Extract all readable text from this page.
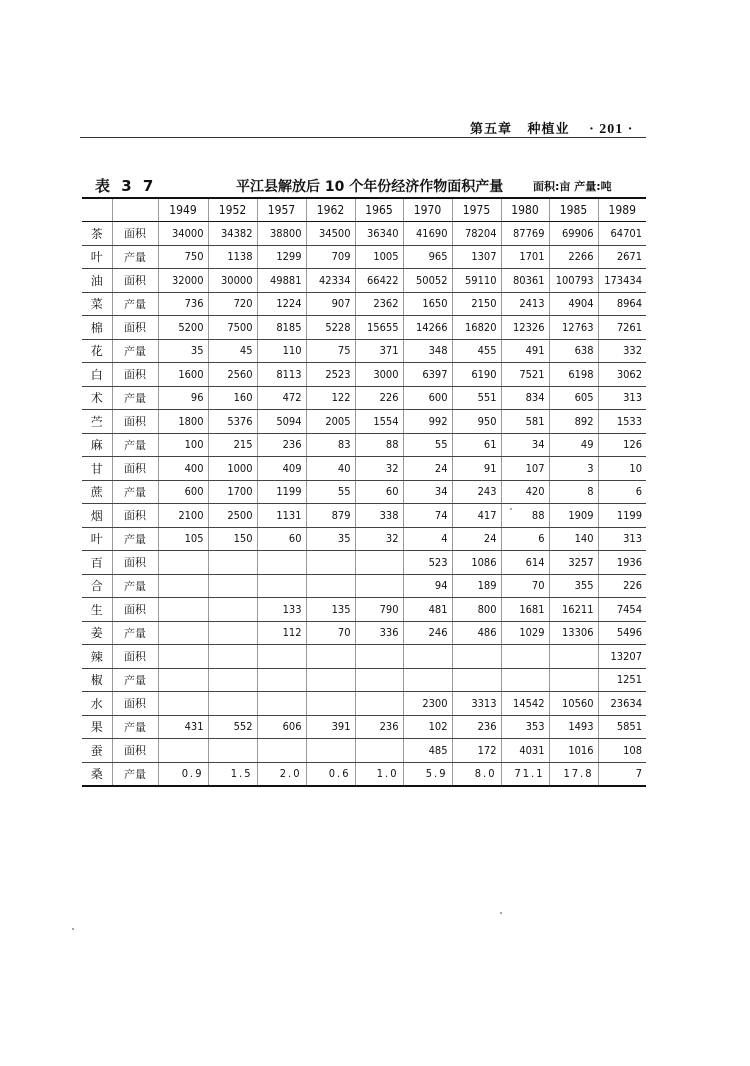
第五章 种植业 · 201 ·
表 3 7	平江县解放后 10 个年份经济作物面积产量	面积:亩 产量:吨
		1949	1952	1957	1962	1965	1970	1975	1980	1985	1989
茶	面积	34000	34382	38800	34500	36340	41690	78204	87769	69906	64701
叶	产量	750	1138	1299	709	1005	965	1307	1701	2266	2671
油	面积	32000	30000	49881	42334	66422	50052	59110	80361	100793	173434
菜	产量	736	720	1224	907	2362	1650	2150	2413	4904	8964
棉	面积	5200	7500	8185	5228	15655	14266	16820	12326	12763	7261
花	产量	35	45	110	75	371	348	455	491	638	332
白	面积	1600	2560	8113	2523	3000	6397	6190	7521	6198	3062
术	产量	96	160	472	122	226	600	551	834	605	313
苎	面积	1800	5376	5094	2005	1554	992	950	581	892	1533
麻	产量	100	215	236	83	88	55	61	34	49	126
甘	面积	400	1000	409	40	32	24	91	107	3	10
蔗	产量	600	1700	1199	55	60	34	243	420	8	6
烟	面积	2100	2500	1131	879	338	74	417	88	1909	1199
叶	产量	105	150	60	35	32	4	24	6	140	313
百	面积						523	1086	614	3257	1936
合	产量						94	189	70	355	226
生	面积			133	135	790	481	800	1681	16211	7454
姜	产量			112	70	336	246	486	1029	13306	5496
辣	面积										13207
椒	产量										1251
水	面积						2300	3313	14542	10560	23634
果	产量	431	552	606	391	236	102	236	353	1493	5851
蚕	面积						485	172	4031	1016	108
桑	产量	0.9	1.5	2.0	0.6	1.0	5.9	8.0	71.1	17.8	7
